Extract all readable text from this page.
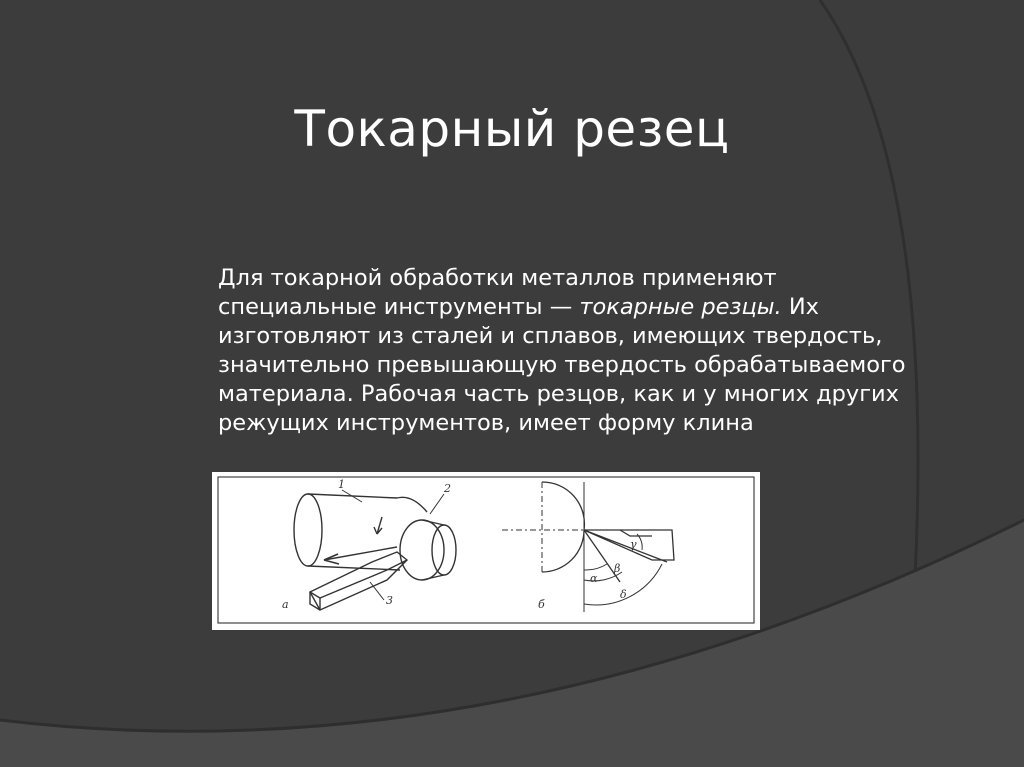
Токарный резец
Для токарной обработки металлов применяют
специальные инструменты — токарные резцы. Их
изготовляют из сталей и сплавов, имеющих твердость,
значительно превышающую твердость обрабатываемого
материала. Рабочая часть резцов, как и у многих других
режущих инструментов, имеет форму клина
1	2
3
а
γ
α
β
δ
б
